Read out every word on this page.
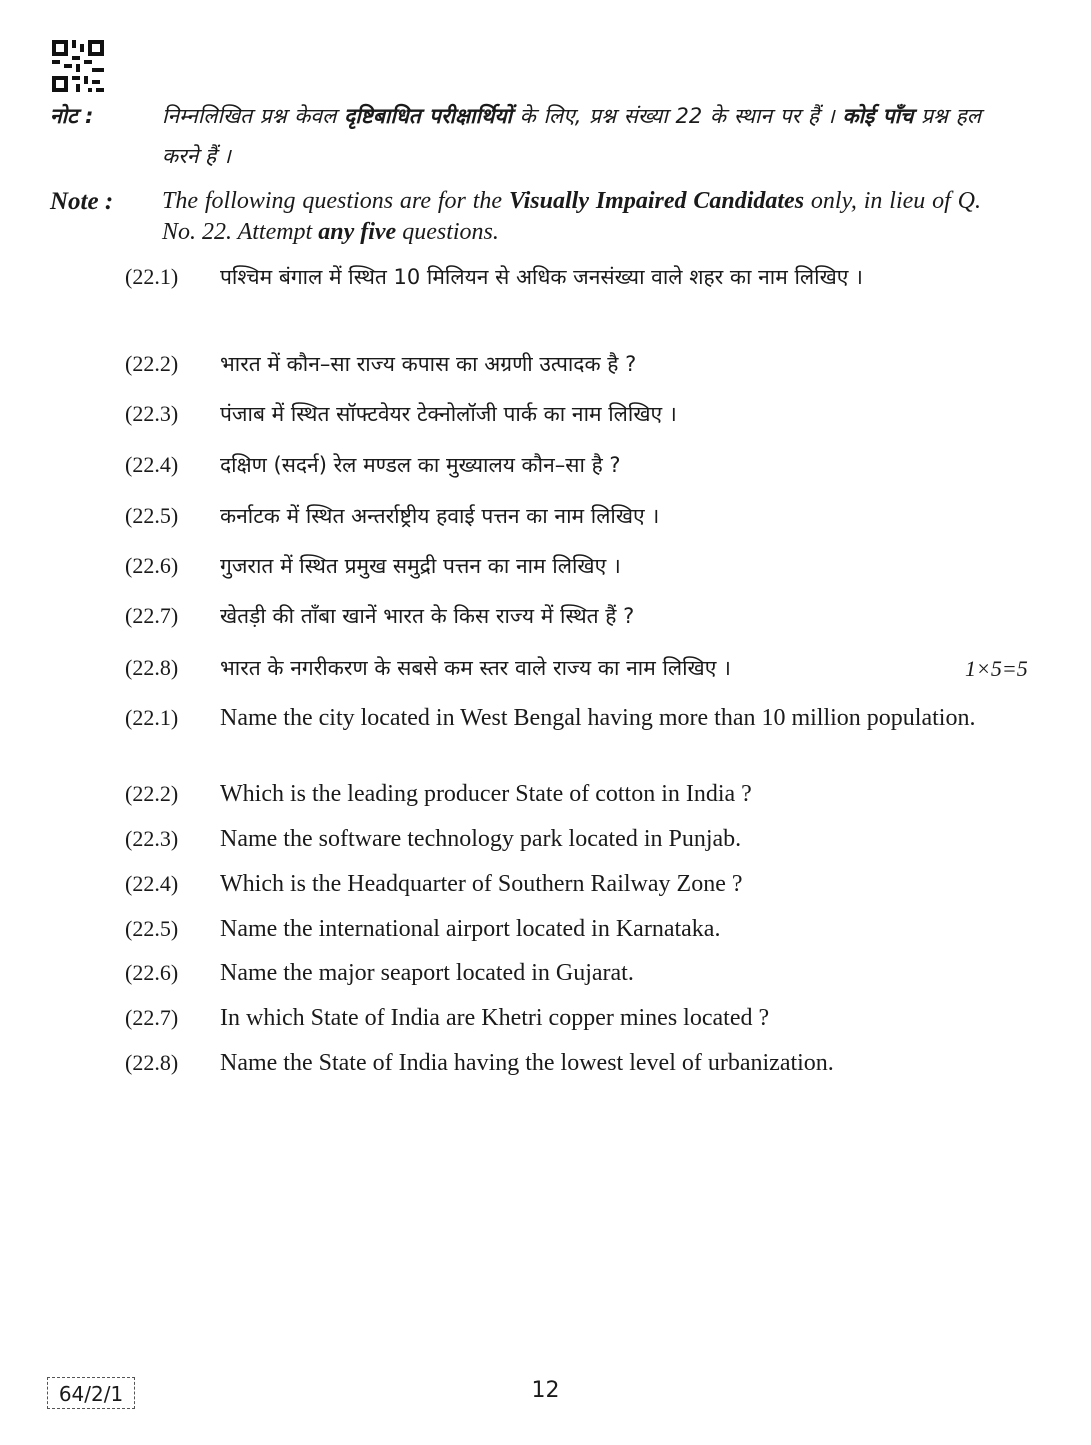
नोट :	निम्नलिखित प्रश्न केवल दृष्टिबाधित परीक्षार्थियों के लिए, प्रश्न संख्या 22 के स्थान पर हैं । कोई पाँच प्रश्न हल करने हैं ।
Note :	The following questions are for the Visually Impaired Candidates only, in lieu of Q. No. 22. Attempt any five questions.
(22.1)	पश्चिम बंगाल में स्थित 10 मिलियन से अधिक जनसंख्या वाले शहर का नाम लिखिए ।
(22.2)	भारत में कौन–सा राज्य कपास का अग्रणी उत्पादक है ?
(22.3)	पंजाब में स्थित सॉफ्टवेयर टेक्नोलॉजी पार्क का नाम लिखिए ।
(22.4)	दक्षिण (सदर्न) रेल मण्डल का मुख्यालय कौन–सा है ?
(22.5)	कर्नाटक में स्थित अन्तर्राष्ट्रीय हवाई पत्तन का नाम लिखिए ।
(22.6)	गुजरात में स्थित प्रमुख समुद्री पत्तन का नाम लिखिए ।
(22.7)	खेतड़ी की ताँबा खानें भारत के किस राज्य में स्थित हैं ?
(22.8)	भारत के नगरीकरण के सबसे कम स्तर वाले राज्य का नाम लिखिए ।	1×5=5
(22.1)	Name the city located in West Bengal having more than 10 million population.
(22.2)	Which is the leading producer State of cotton in India ?
(22.3)	Name the software technology park located in Punjab.
(22.4)	Which is the Headquarter of Southern Railway Zone ?
(22.5)	Name the international airport located in Karnataka.
(22.6)	Name the major seaport located in Gujarat.
(22.7)	In which State of India are Khetri copper mines located ?
(22.8)	Name the State of India having the lowest level of urbanization.
64/2/1	12
